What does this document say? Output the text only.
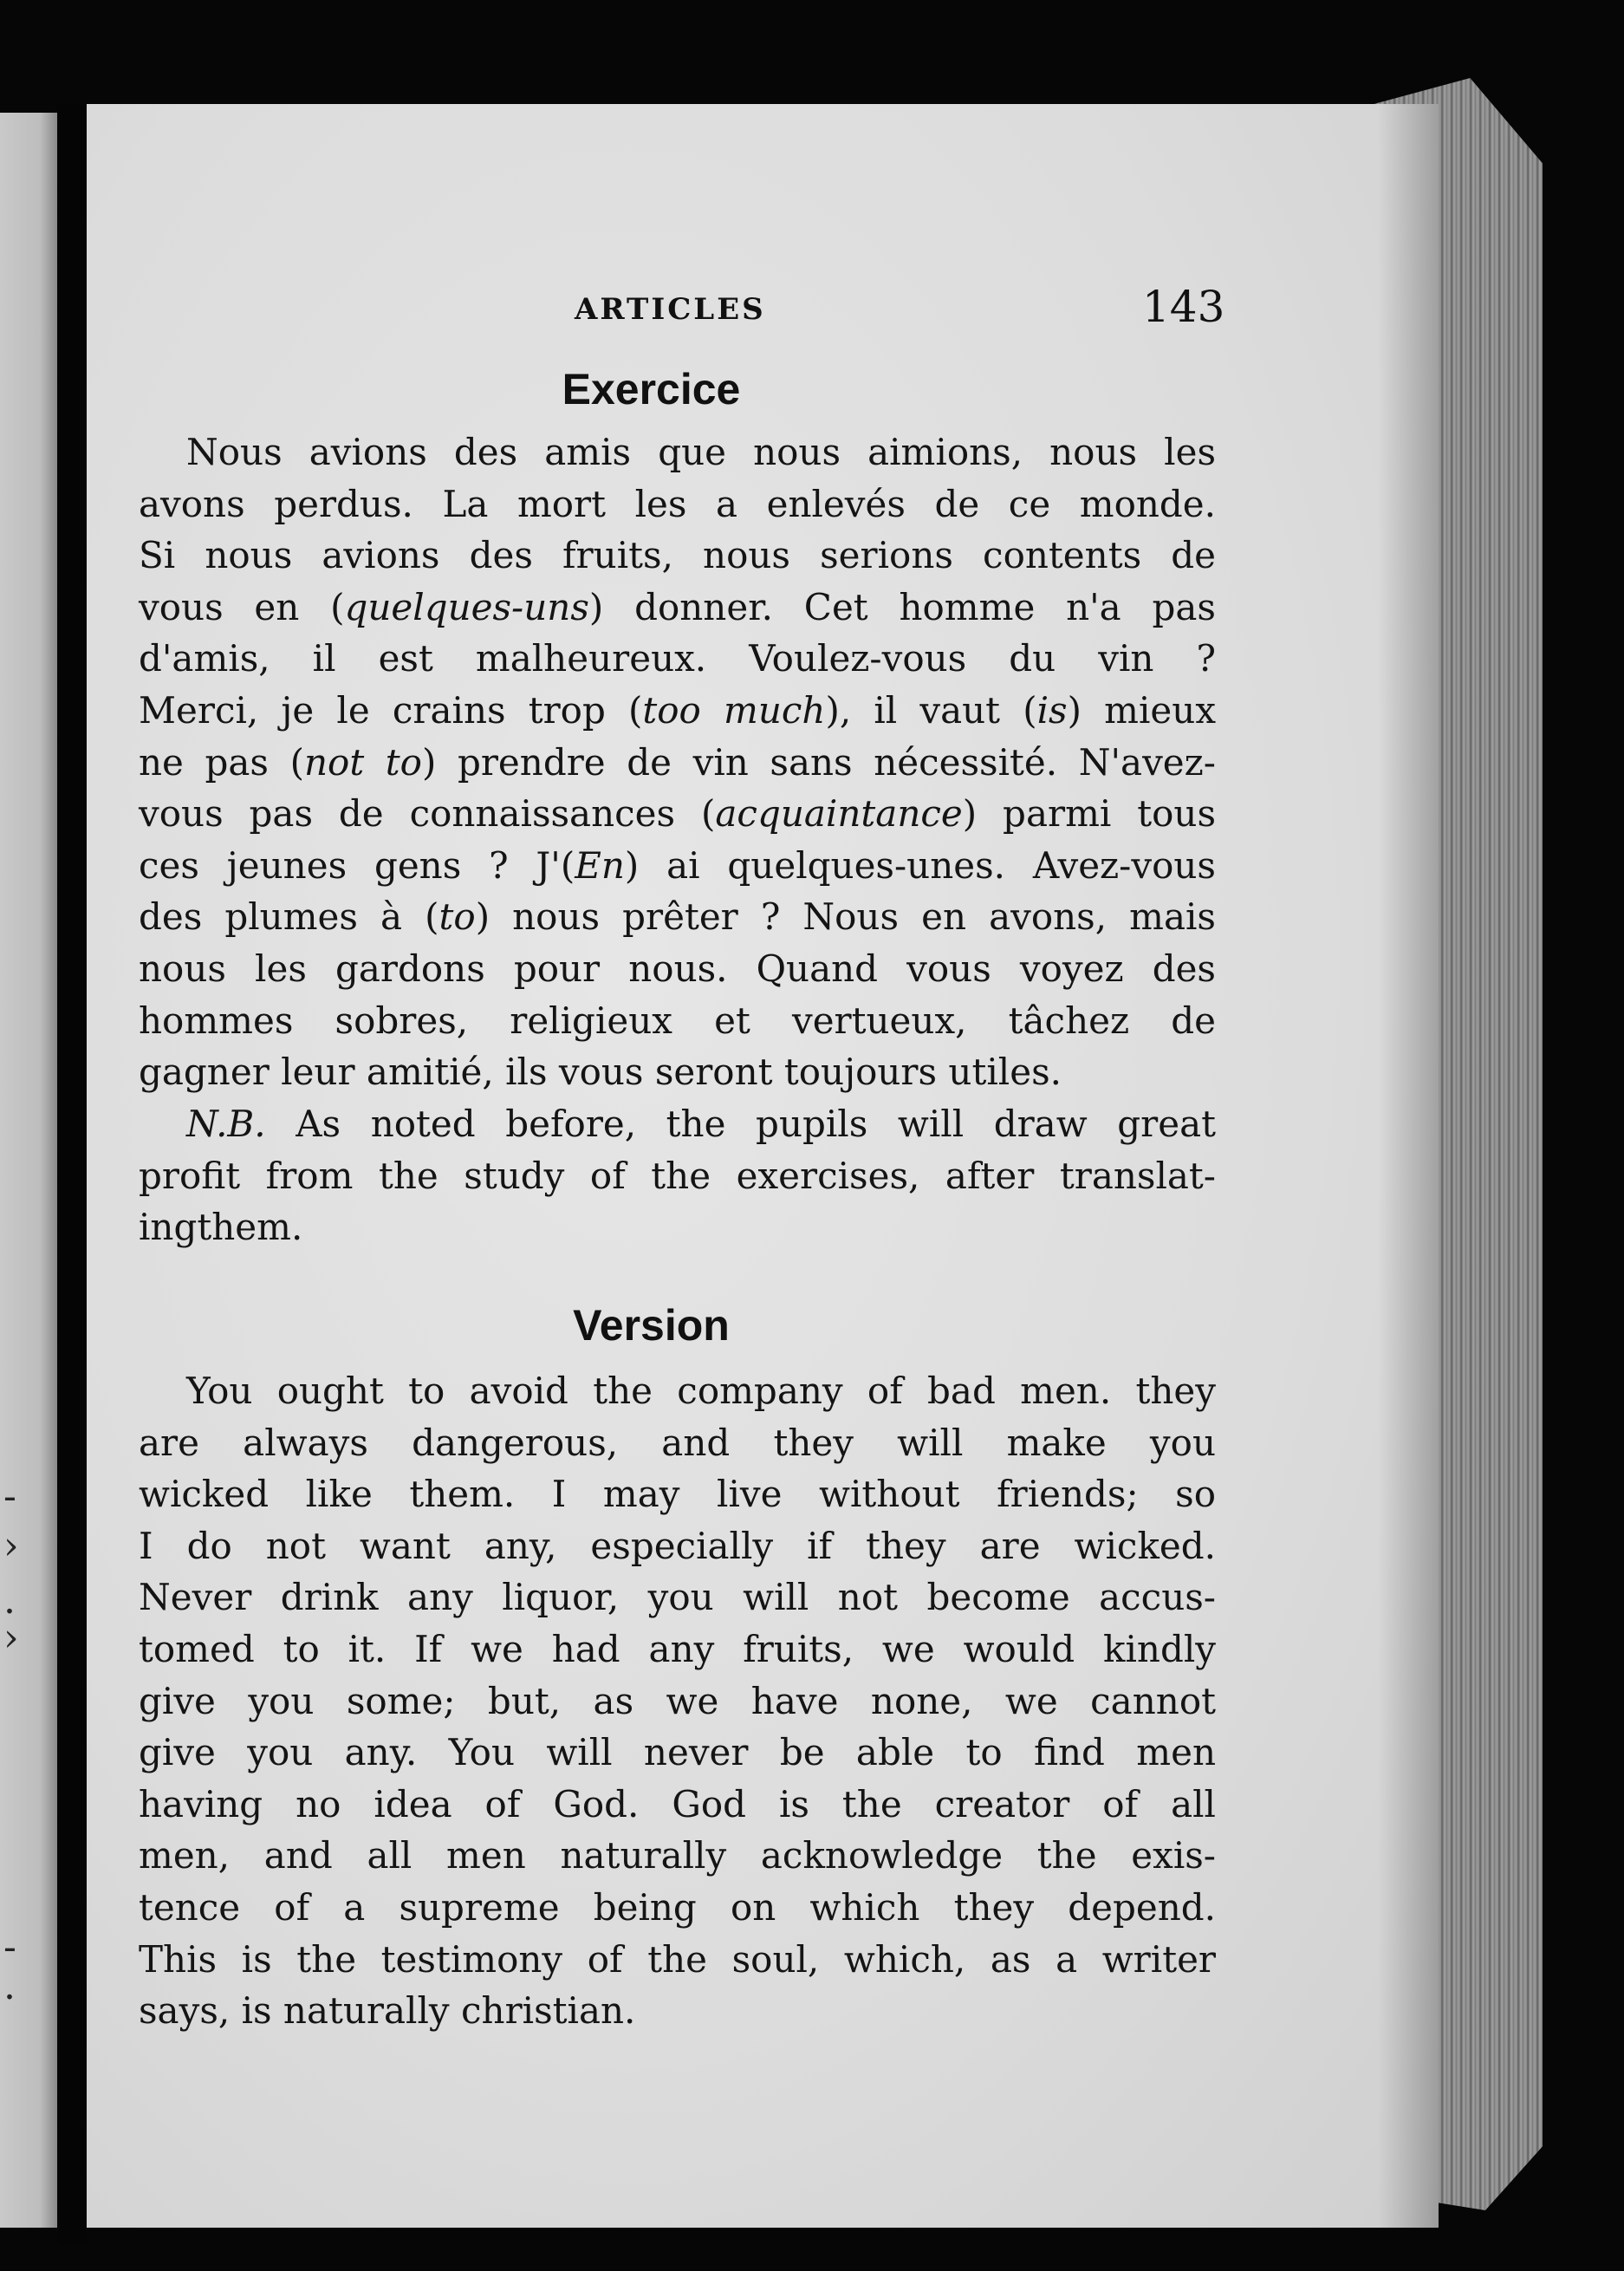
-
›
.
›
-
.
ARTICLES	143
Exercice

Nous avions des amis que nous aimions, nous les
avons perdus. La mort les a enlevés de ce monde.
Si nous avions des fruits, nous serions contents de
vous en (quelques-uns) donner. Cet homme n'a pas
d'amis, il est malheureux. Voulez-vous du vin ?
Merci, je le crains trop (too much), il vaut (is) mieux
ne pas (not to) prendre de vin sans nécessité. N'avez-
vous pas de connaissances (acquaintance) parmi tous
ces jeunes gens ? J'(En) ai quelques-unes. Avez-vous
des plumes à (to) nous prêter ? Nous en avons, mais
nous les gardons pour nous. Quand vous voyez des
hommes sobres, religieux et vertueux, tâchez de
gagner leur amitié, ils vous seront toujours utiles.

N.B. As noted before, the pupils will draw great
profit from the study of the exercises, after translat-
ingthem.

Version

You ought to avoid the company of bad men. they
are always dangerous, and they will make you
wicked like them. I may live without friends; so
I do not want any, especially if they are wicked.
Never drink any liquor, you will not become accus-
tomed to it. If we had any fruits, we would kindly
give you some; but, as we have none, we cannot
give you any. You will never be able to find men
having no idea of God. God is the creator of all
men, and all men naturally acknowledge the exis-
tence of a supreme being on which they depend.
This is the testimony of the soul, which, as a writer
says, is naturally christian.
